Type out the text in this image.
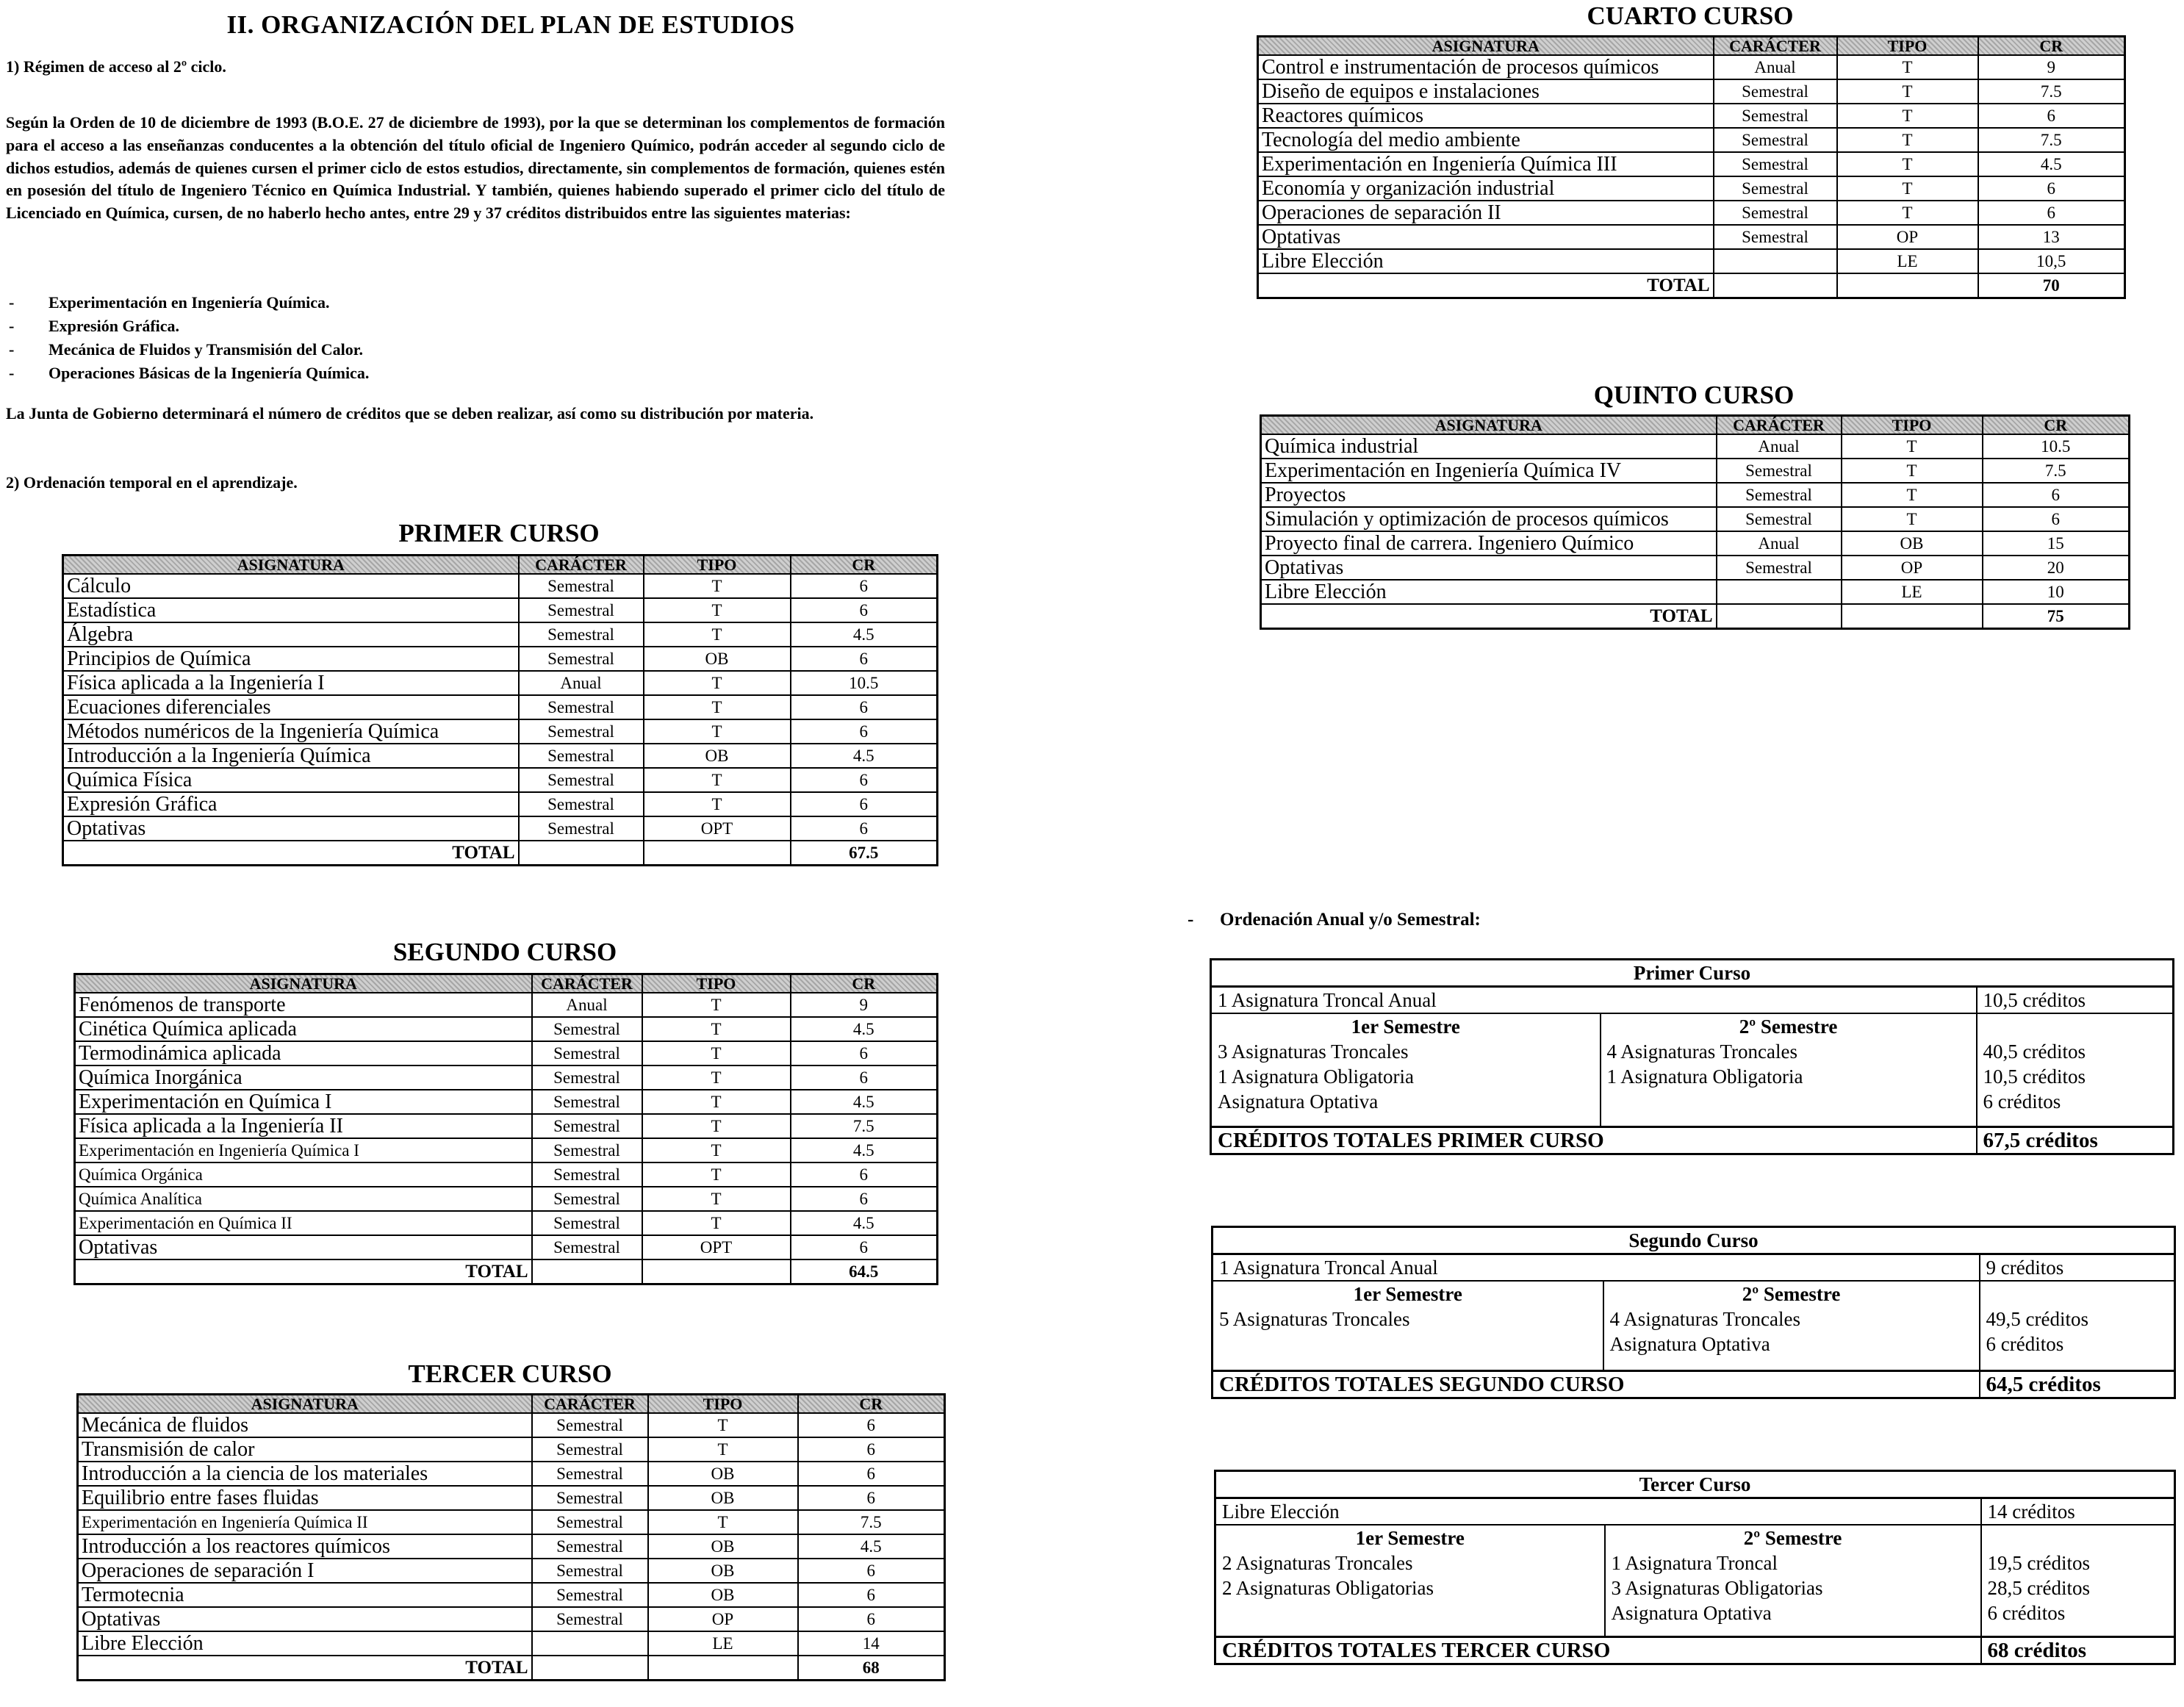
II. ORGANIZACIÓN DEL PLAN DE ESTUDIOS
1) Régimen de acceso al 2º ciclo.
Según la Orden de 10 de diciembre de 1993 (B.O.E. 27 de diciembre de 1993), por la que se determinan los complementos de formación para el acceso a las enseñanzas conducentes a la obtención del título oficial de Ingeniero Químico, podrán acceder al segundo ciclo de dichos estudios, además de quienes cursen el primer ciclo de estos estudios, directamente, sin complementos de formación, quienes estén en posesión del título de Ingeniero Técnico en Química Industrial. Y también, quienes habiendo superado el primer ciclo del título de Licenciado en Química, cursen, de no haberlo hecho antes, entre 29 y 37 créditos distribuidos entre las siguientes materias:
- Experimentación en Ingeniería Química.
- Expresión Gráfica.
- Mecánica de Fluidos y Transmisión del Calor.
- Operaciones Básicas de la Ingeniería Química.
La Junta de Gobierno determinará el número de créditos que se deben realizar, así como su distribución por materia.
2) Ordenación temporal en el aprendizaje.
PRIMER CURSO
ASIGNATURA	CARÁCTER	TIPO	CR
Cálculo	Semestral	T	6
Estadística	Semestral	T	6
Álgebra	Semestral	T	4.5
Principios de Química	Semestral	OB	6
Física aplicada a la Ingeniería I	Anual	T	10.5
Ecuaciones diferenciales	Semestral	T	6
Métodos numéricos de la Ingeniería Química	Semestral	T	6
Introducción a la Ingeniería Química	Semestral	OB	4.5
Química Física	Semestral	T	6
Expresión Gráfica	Semestral	T	6
Optativas	Semestral	OPT	6
TOTAL			67.5
SEGUNDO CURSO
ASIGNATURA	CARÁCTER	TIPO	CR
Fenómenos de transporte	Anual	T	9
Cinética Química aplicada	Semestral	T	4.5
Termodinámica aplicada	Semestral	T	6
Química Inorgánica	Semestral	T	6
Experimentación en Química I	Semestral	T	4.5
Física aplicada a la Ingeniería II	Semestral	T	7.5
Experimentación en Ingeniería Química I	Semestral	T	4.5
Química Orgánica	Semestral	T	6
Química Analítica	Semestral	T	6
Experimentación en Química II	Semestral	T	4.5
Optativas	Semestral	OPT	6
TOTAL			64.5
TERCER CURSO
ASIGNATURA	CARÁCTER	TIPO	CR
Mecánica de fluidos	Semestral	T	6
Transmisión de calor	Semestral	T	6
Introducción a la ciencia de los materiales	Semestral	OB	6
Equilibrio entre fases fluidas	Semestral	OB	6
Experimentación en Ingeniería Química II	Semestral	T	7.5
Introducción a los reactores químicos	Semestral	OB	4.5
Operaciones de separación I	Semestral	OB	6
Termotecnia	Semestral	OB	6
Optativas	Semestral	OP	6
Libre Elección		LE	14
TOTAL			68
CUARTO CURSO
ASIGNATURA	CARÁCTER	TIPO	CR
Control e instrumentación de procesos químicos	Anual	T	9
Diseño de equipos e instalaciones	Semestral	T	7.5
Reactores químicos	Semestral	T	6
Tecnología del medio ambiente	Semestral	T	7.5
Experimentación en Ingeniería Química III	Semestral	T	4.5
Economía y organización industrial	Semestral	T	6
Operaciones de separación II	Semestral	T	6
Optativas	Semestral	OP	13
Libre Elección		LE	10,5
TOTAL			70
QUINTO CURSO
ASIGNATURA	CARÁCTER	TIPO	CR
Química industrial	Anual	T	10.5
Experimentación en Ingeniería Química IV	Semestral	T	7.5
Proyectos	Semestral	T	6
Simulación y optimización de procesos químicos	Semestral	T	6
Proyecto final de carrera. Ingeniero Químico	Anual	OB	15
Optativas	Semestral	OP	20
Libre Elección		LE	10
TOTAL			75
- Ordenación Anual y/o Semestral:
Primer Curso		
1 Asignatura Troncal Anual		10,5 créditos
1er Semestre	2º Semestre	
3 Asignaturas Troncales	4 Asignaturas Troncales	40,5 créditos
1 Asignatura Obligatoria	1 Asignatura Obligatoria	10,5 créditos
Asignatura Optativa		6 créditos

CRÉDITOS TOTALES PRIMER CURSO		67,5 créditos
Segundo Curso		
1 Asignatura Troncal Anual		9 créditos
1er Semestre	2º Semestre	
5 Asignaturas Troncales	4 Asignaturas Troncales	49,5 créditos
	Asignatura Optativa	6 créditos

CRÉDITOS TOTALES SEGUNDO CURSO		64,5 créditos
Tercer Curso		
Libre Elección		14 créditos
1er Semestre	2º Semestre	
2 Asignaturas Troncales	1 Asignatura Troncal	19,5 créditos
2 Asignaturas Obligatorias	3 Asignaturas Obligatorias	28,5 créditos
	Asignatura Optativa	6 créditos

CRÉDITOS TOTALES TERCER CURSO		68 créditos
